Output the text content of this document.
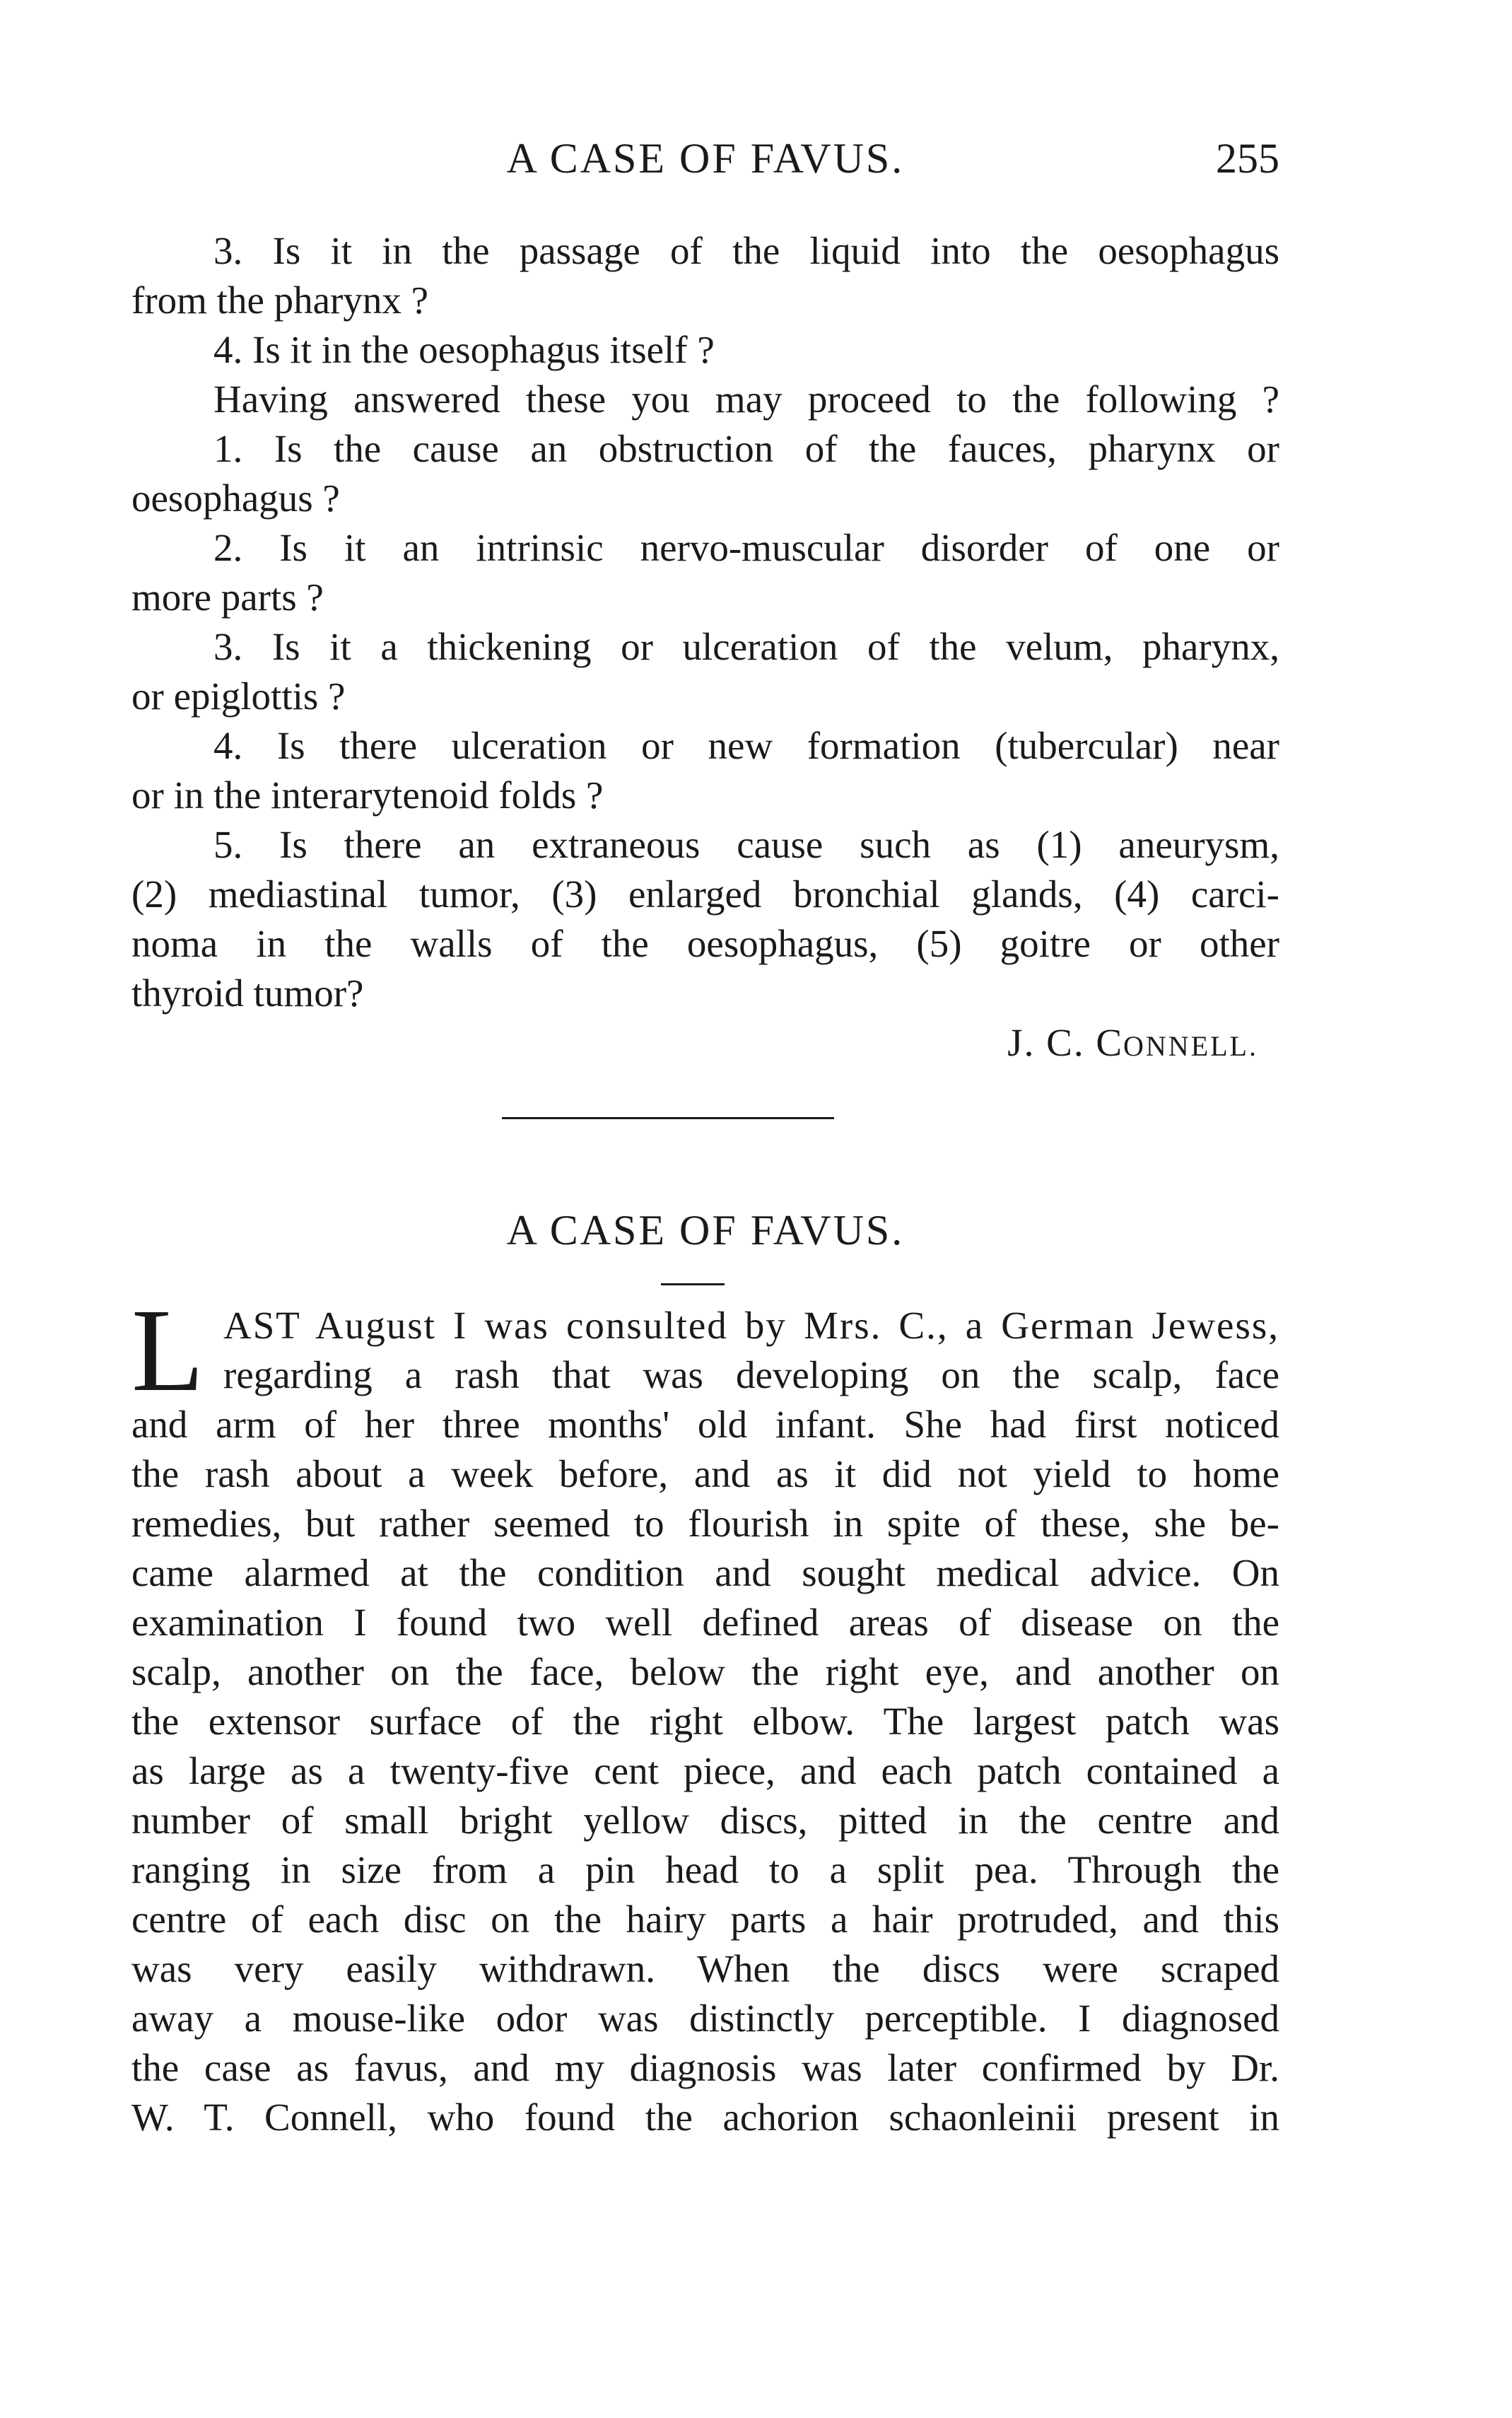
A CASE OF FAVUS.	255
3. Is it in the passage of the liquid into the oesophagus
from the pharynx ?
4. Is it in the oesophagus itself ?
Having answered these you may proceed to the following ?
1. Is the cause an obstruction of the fauces, pharynx or
oesophagus ?
2. Is it an intrinsic nervo-muscular disorder of one or
more parts ?
3. Is it a thickening or ulceration of the velum, pharynx,
or epiglottis ?
4. Is there ulceration or new formation (tubercular) near
or in the interarytenoid folds ?
5. Is there an extraneous cause such as (1) aneurysm,
(2) mediastinal tumor, (3) enlarged bronchial glands, (4) carci-
noma in the walls of the oesophagus, (5) goitre or other
thyroid tumor?
J. C. CONNELL.
A CASE OF FAVUS.
L AST August I was consulted by Mrs. C., a German Jewess,
regarding a rash that was developing on the scalp, face
and arm of her three months' old infant. She had first noticed
the rash about a week before, and as it did not yield to home
remedies, but rather seemed to flourish in spite of these, she be-
came alarmed at the condition and sought medical advice. On
examination I found two well defined areas of disease on the
scalp, another on the face, below the right eye, and another on
the extensor surface of the right elbow. The largest patch was
as large as a twenty-five cent piece, and each patch contained a
number of small bright yellow discs, pitted in the centre and
ranging in size from a pin head to a split pea. Through the
centre of each disc on the hairy parts a hair protruded, and this
was very easily withdrawn. When the discs were scraped
away a mouse-like odor was distinctly perceptible. I diagnosed
the case as favus, and my diagnosis was later confirmed by Dr.
W. T. Connell, who found the achorion schaonleinii present in
